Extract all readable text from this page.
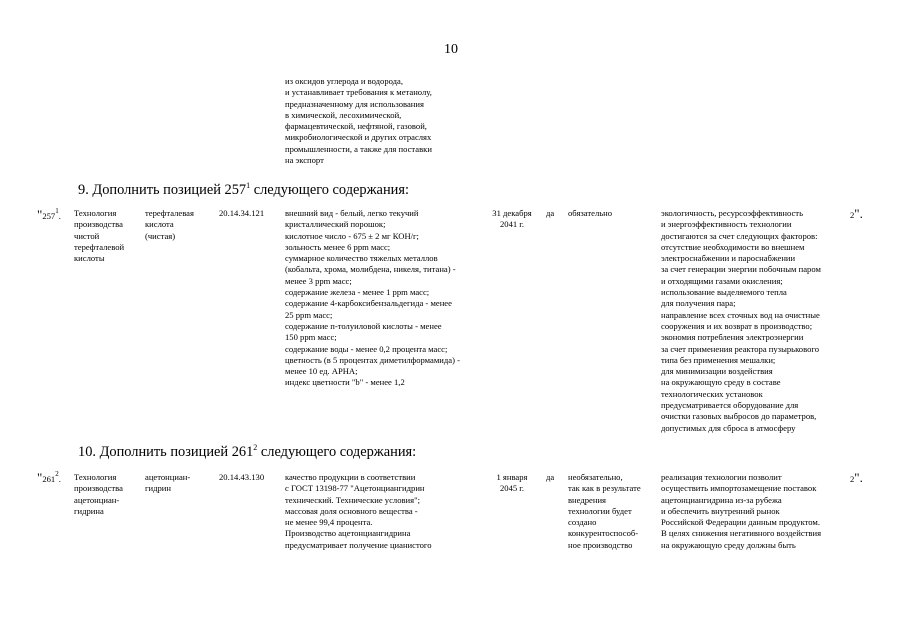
10
из оксидов углерода и водорода,
и устанавливает требования к метанолу,
предназначенному для использования
в химической, лесохимической,
фармацевтической, нефтяной, газовой,
микробиологической и других отраслях
промышленности, а также для поставки
на экспорт
9. Дополнить позицией $257^1$ следующего содержания:
"$257^1$. Технология
производства
чистой
терефталевой
кислоты
терефталевая
кислота
(чистая)
20.14.34.121 внешний вид - белый, легко текучий
кристаллический порошок;
кислотное число - 675 ± 2 мг КОН/г;
зольность менее 6 ppm масс;
суммарное количество тяжелых металлов
(кобальта, хрома, молибдена, никеля, титана) -
менее 3 ppm масс;
содержание железа - менее 1 ppm масс;
содержание 4-карбоксибензальдегида - менее
25 ppm масс;
содержание п-толуиловой кислоты - менее
150 ppm масс;
содержание воды - менее 0,2 процента масс;
цветность (в 5 процентах диметилформамида) -
менее 10 ед. APHA;
индекс цветности "b" - менее 1,2
31 декабря
2041 г.
да обязательно	экологичность, ресурсоэффективность
и энергоэффективность технологии
достигаются за счет следующих факторов:
отсутствие необходимости во внешнем
электроснабжении и пароснабжении
за счет генерации энергии побочным паром
и отходящими газами окисления;
использование выделяемого тепла
для получения пара;
направление всех сточных вод на очистные
сооружения и их возврат в производство;
экономия потребления электроэнергии
за счет применения реактора пузырькового
типа без применения мешалки;
для минимизации воздействия
на окружающую среду в составе
технологических установок
предусматривается оборудование для
очистки газовых выбросов до параметров,
допустимых для сброса в атмосферу
2".
10. Дополнить позицией $261^2$ следующего содержания:
"$261^2$. Технология
производства
ацетонциан-
гидрина
ацетонциан-
гидрин
20.14.43.130 качество продукции в соответствии
с ГОСТ 13198-77 "Ацетонциангидрин
технический. Технические условия";
массовая доля основного вещества -
не менее 99,4 процента.
Производство ацетонциангидрина
предусматривает получение цианистого
1 января
2045 г.
да необязательно,
так как в результате
внедрения
технологии будет
создано
конкурентоспособ-
ное производство
реализация технологии позволит
осуществить импортозамещение поставок
ацетонциангидрина из-за рубежа
и обеспечить внутренний рынок
Российской Федерации данным продуктом.
В целях снижения негативного воздействия
на окружающую среду должны быть
2".
